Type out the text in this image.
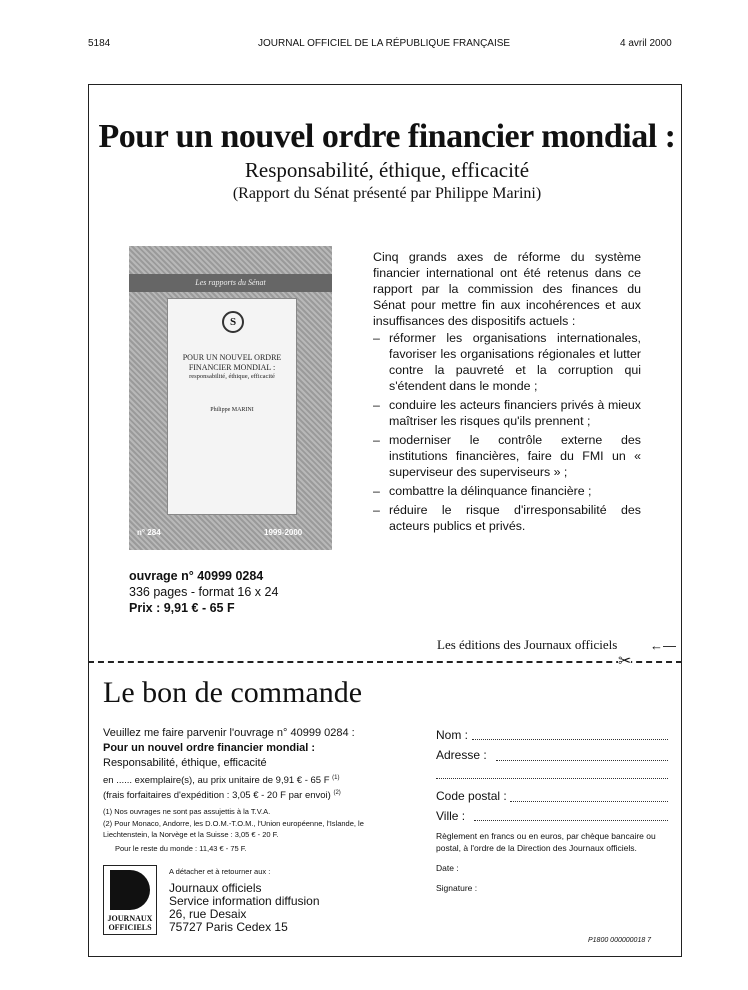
5184	JOURNAL OFFICIEL DE LA RÉPUBLIQUE FRANÇAISE	4 avril 2000
Pour un nouvel ordre financier mondial :
Responsabilité, éthique, efficacité
(Rapport du Sénat présenté par Philippe Marini)
Les rapports du Sénat
S
POUR UN NOUVEL ORDRE
FINANCIER MONDIAL :
responsabilité, éthique, efficacité
Philippe MARINI
n° 284	1999-2000
Cinq grands axes de réforme du système financier international ont été retenus dans ce rapport par la commission des finances du Sénat pour mettre fin aux incohérences et aux insuffisances des dispositifs actuels :
– réformer les organisations internationales, favoriser les organisations régionales et lutter contre la pauvreté et la corruption qui s'étendent dans le monde ;
– conduire les acteurs financiers privés à mieux maîtriser les risques qu'ils prennent ;
– moderniser le contrôle externe des institutions financières, faire du FMI un « superviseur des superviseurs » ;
– combattre la délinquance financière ;
– réduire le risque d'irresponsabilité des acteurs publics et privés.
ouvrage n° 40999 0284
336 pages - format 16 x 24
Prix : 9,91 € - 65 F
Les éditions des Journaux officiels	←—
✂
Le bon de commande
Veuillez me faire parvenir l'ouvrage n° 40999 0284 :
Pour un nouvel ordre financier mondial :
Responsabilité, éthique, efficacité
en ...... exemplaire(s), au prix unitaire de 9,91 € - 65 F $^{(1)}$
(frais forfaitaires d'expédition : 3,05 € - 20 F par envoi) $^{(2)}$
(1) Nos ouvrages ne sont pas assujettis à la T.V.A.
(2) Pour Monaco, Andorre, les D.O.M.-T.O.M., l'Union européenne, l'Islande, le Liechtenstein, la Norvège et la Suisse : 3,05 € - 20 F.
Pour le reste du monde : 11,43 € - 75 F.
A détacher et à retourner aux :
JOURNAUX
OFFICIELS
Journaux officiels
Service information diffusion
26, rue Desaix
75727 Paris Cedex 15
Nom :
Adresse :
Code postal :
Ville :
Règlement en francs ou en euros, par chèque bancaire ou postal, à l'ordre de la Direction des Journaux officiels.
Date :
Signature :
P1800 000000018 7
